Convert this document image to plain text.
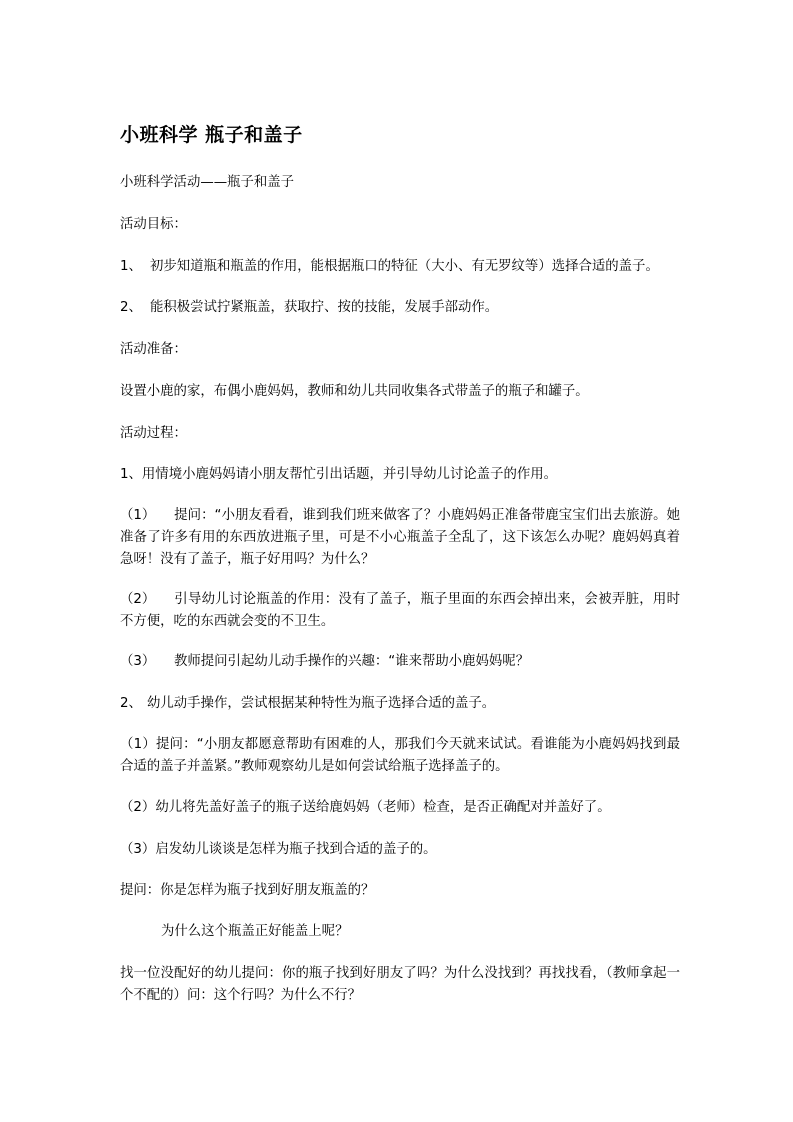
小班科学 瓶子和盖子
小班科学活动——瓶子和盖子
活动目标：
1、 初步知道瓶和瓶盖的作用，能根据瓶口的特征（大小、有无罗纹等）选择合适的盖子。
2、 能积极尝试拧紧瓶盖，获取拧、按的技能，发展手部动作。
活动准备：
设置小鹿的家，布偶小鹿妈妈，教师和幼儿共同收集各式带盖子的瓶子和罐子。
活动过程：
1、用情境小鹿妈妈请小朋友帮忙引出话题，并引导幼儿讨论盖子的作用。
（1） 提问：“小朋友看看，谁到我们班来做客了？小鹿妈妈正准备带鹿宝宝们出去旅游。她准备了许多有用的东西放进瓶子里，可是不小心瓶盖子全乱了，这下该怎么办呢？鹿妈妈真着急呀！没有了盖子，瓶子好用吗？为什么？
（2） 引导幼儿讨论瓶盖的作用：没有了盖子，瓶子里面的东西会掉出来，会被弄脏，用时不方便，吃的东西就会变的不卫生。
（3） 教师提问引起幼儿动手操作的兴趣：“谁来帮助小鹿妈妈呢？
2、 幼儿动手操作，尝试根据某种特性为瓶子选择合适的盖子。
（1）提问：“小朋友都愿意帮助有困难的人，那我们今天就来试试。看谁能为小鹿妈妈找到最合适的盖子并盖紧。”教师观察幼儿是如何尝试给瓶子选择盖子的。
（2）幼儿将先盖好盖子的瓶子送给鹿妈妈（老师）检查，是否正确配对并盖好了。
（3）启发幼儿谈谈是怎样为瓶子找到合适的盖子的。
提问：你是怎样为瓶子找到好朋友瓶盖的？
为什么这个瓶盖正好能盖上呢？
找一位没配好的幼儿提问：你的瓶子找到好朋友了吗？为什么没找到？再找找看，（教师拿起一个不配的）问：这个行吗？为什么不行？
